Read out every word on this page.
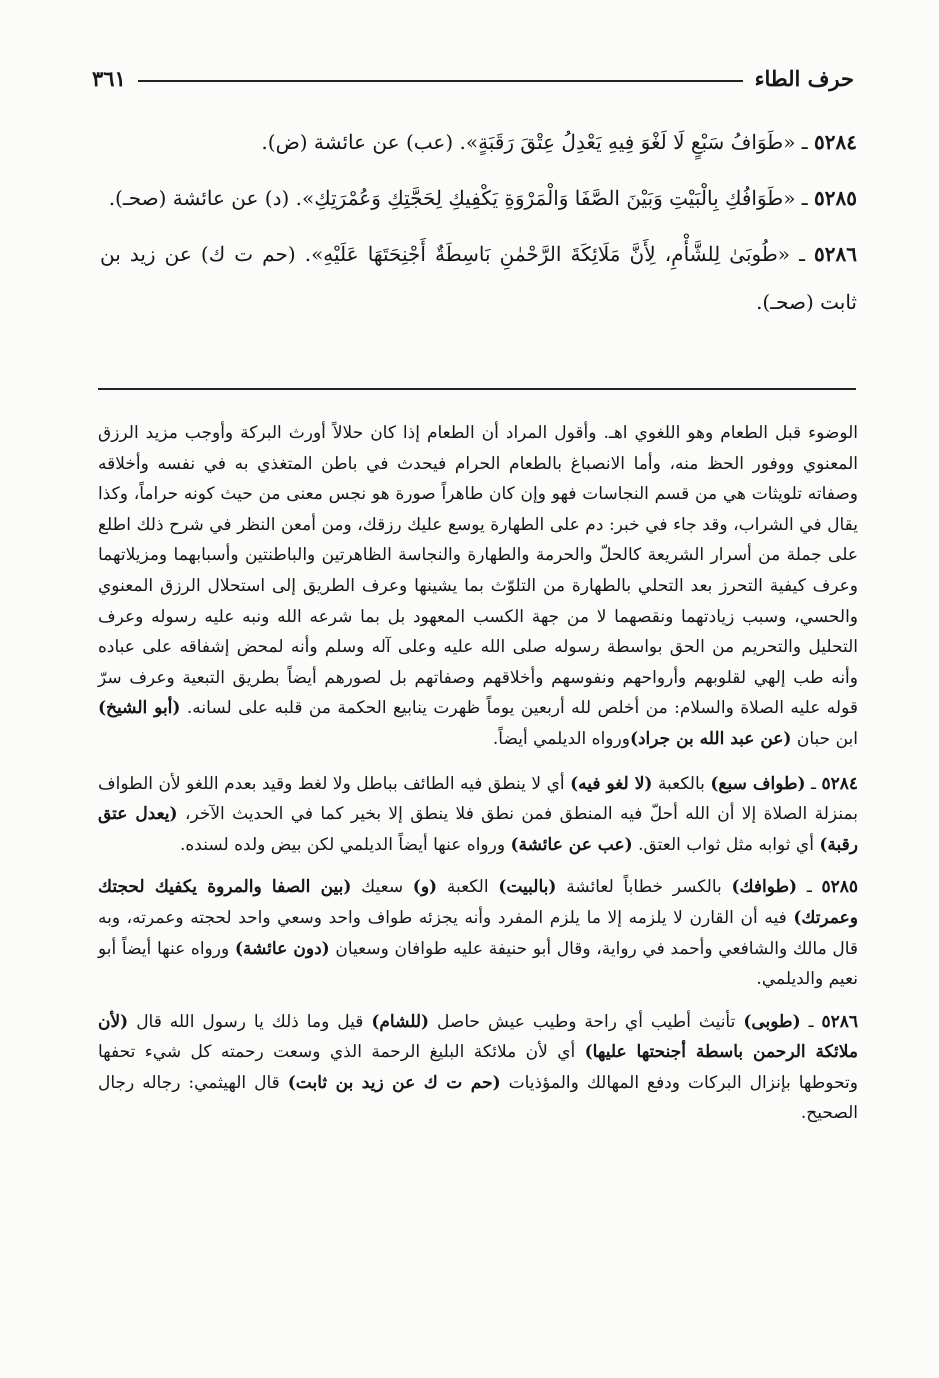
حرف الطاء
٣٦١

٥٢٨٤ ـ «طَوَافُ سَبْعٍ لَا لَغْوَ فِيهِ يَعْدِلُ عِتْقَ رَقَبَةٍ». (عب) عن عائشة (ض).

٥٢٨٥ ـ «طَوَافُكِ بِالْبَيْتِ وَبَيْنَ الصَّفَا وَالْمَرْوَةِ يَكْفِيكِ لِحَجَّتِكِ وَعُمْرَتِكِ». (د) عن عائشة (صحـ).

٥٢٨٦ ـ «طُوبَىٰ لِلشَّأْمِ، لِأَنَّ مَلَائِكَةَ الرَّحْمٰنِ بَاسِطَةٌ أَجْنِحَتَهَا عَلَيْهِ». (حم ت ك) عن زيد بن ثابت (صحـ).

الوضوء قبل الطعام وهو اللغوي اهـ. وأقول المراد أن الطعام إذا كان حلالاً أورث البركة وأوجب مزيد الرزق المعنوي ووفور الحظ منه، وأما الانصباغ بالطعام الحرام فيحدث في باطن المتغذي به في نفسه وأخلاقه وصفاته تلويثات هي من قسم النجاسات فهو وإن كان طاهراً صورة هو نجس معنى من حيث كونه حراماً، وكذا يقال في الشراب، وقد جاء في خبر: دم على الطهارة يوسع عليك رزقك، ومن أمعن النظر في شرح ذلك اطلع على جملة من أسرار الشريعة كالحلّ والحرمة والطهارة والنجاسة الظاهرتين والباطنتين وأسبابهما ومزيلاتهما وعرف كيفية التحرز بعد التحلي بالطهارة من التلوّث بما يشينها وعرف الطريق إلى استحلال الرزق المعنوي والحسي، وسبب زيادتهما ونقصهما لا من جهة الكسب المعهود بل بما شرعه الله ونبه عليه رسوله وعرف التحليل والتحريم من الحق بواسطة رسوله صلى الله عليه وعلى آله وسلم وأنه لمحض إشفاقه على عباده وأنه طب إلهي لقلوبهم وأرواحهم ونفوسهم وأخلاقهم وصفاتهم بل لصورهم أيضاً بطريق التبعية وعرف سرّ قوله عليه الصلاة والسلام: من أخلص لله أربعين يوماً ظهرت ينابيع الحكمة من قلبه على لسانه. (أبو الشيخ) ابن حبان (عن عبد الله بن جراد)ورواه الديلمي أيضاً.

٥٢٨٤ ـ (طواف سبع) بالكعبة (لا لغو فيه) أي لا ينطق فيه الطائف بباطل ولا لغط وقيد بعدم اللغو لأن الطواف بمنزلة الصلاة إلا أن الله أحلّ فيه المنطق فمن نطق فلا ينطق إلا بخير كما في الحديث الآخر، (يعدل عتق رقبة) أي ثوابه مثل ثواب العتق. (عب عن عائشة) ورواه عنها أيضاً الديلمي لكن بيض ولده لسنده.

٥٢٨٥ ـ (طوافك) بالكسر خطاباً لعائشة (بالبيت) الكعبة (و) سعيك (بين الصفا والمروة يكفيك لحجتك وعمرتك) فيه أن القارن لا يلزمه إلا ما يلزم المفرد وأنه يجزئه طواف واحد وسعي واحد لحجته وعمرته، وبه قال مالك والشافعي وأحمد في رواية، وقال أبو حنيفة عليه طوافان وسعيان (دون عائشة) ورواه عنها أيضاً أبو نعيم والديلمي.

٥٢٨٦ ـ (طوبى) تأنيث أطيب أي راحة وطيب عيش حاصل (للشام) قيل وما ذلك يا رسول الله قال (لأن ملائكة الرحمن باسطة أجنحتها عليها) أي لأن ملائكة البليغ الرحمة الذي وسعت رحمته كل شيء تحفها وتحوطها بإنزال البركات ودفع المهالك والمؤذيات (حم ت ك عن زيد بن ثابت) قال الهيثمي: رجاله رجال الصحيح.
